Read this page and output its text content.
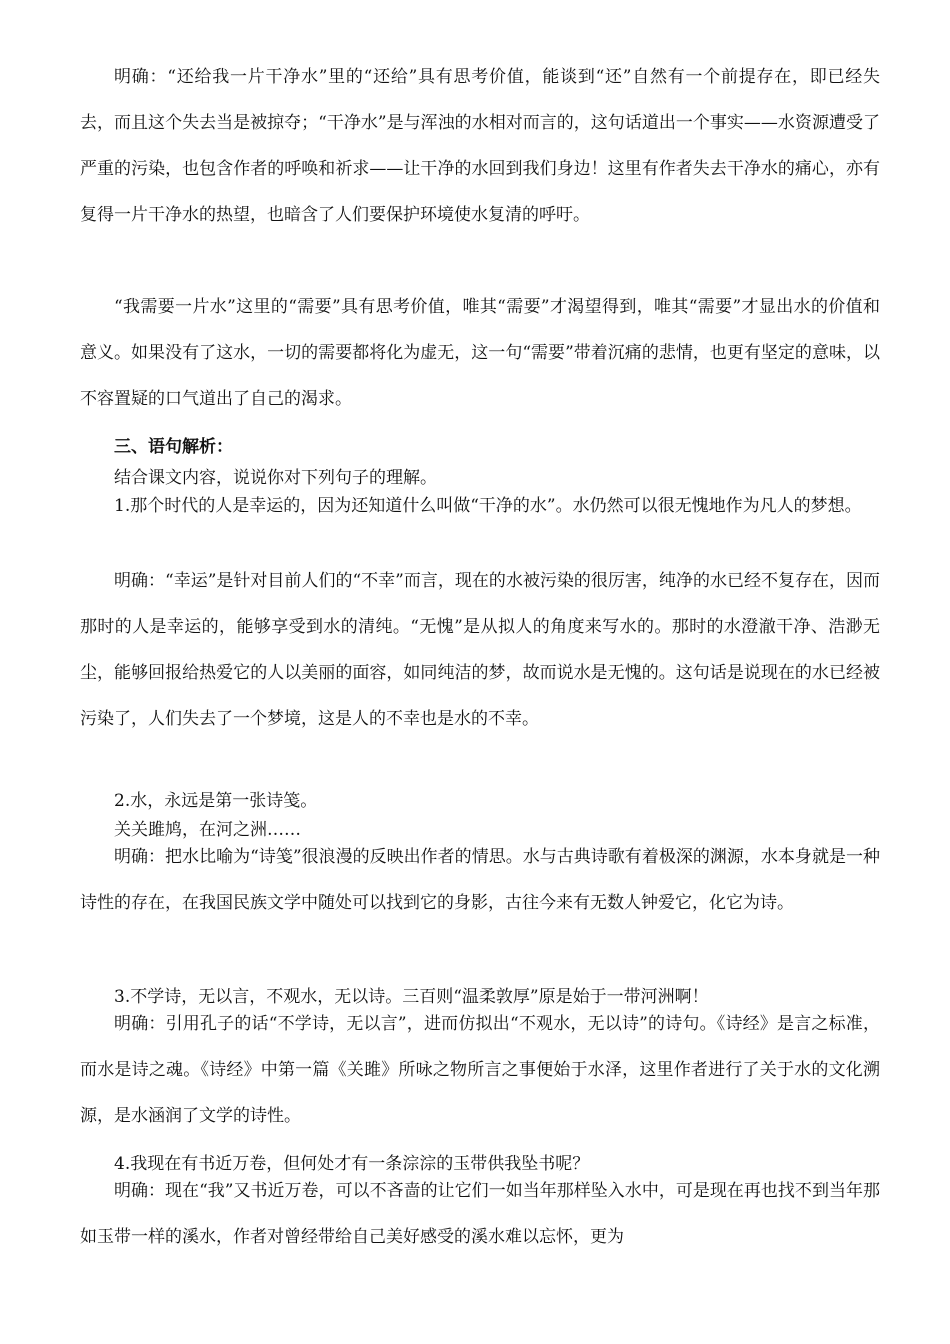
明确：“还给我一片干净水”里的“还给”具有思考价值，能谈到“还”自然有一个前提存在，即已经失去，而且这个失去当是被掠夺；“干净水”是与浑浊的水相对而言的，这句话道出一个事实——水资源遭受了严重的污染，也包含作者的呼唤和祈求——让干净的水回到我们身边！这里有作者失去干净水的痛心，亦有复得一片干净水的热望，也暗含了人们要保护环境使水复清的呼吁。

“我需要一片水”这里的“需要”具有思考价值，唯其“需要”才渴望得到，唯其“需要”才显出水的价值和意义。如果没有了这水，一切的需要都将化为虚无，这一句“需要”带着沉痛的悲情，也更有坚定的意味，以不容置疑的口气道出了自己的渴求。

三、语句解析：

结合课文内容，说说你对下列句子的理解。

1.那个时代的人是幸运的，因为还知道什么叫做“干净的水”。水仍然可以很无愧地作为凡人的梦想。

明确：“幸运”是针对目前人们的“不幸”而言，现在的水被污染的很厉害，纯净的水已经不复存在，因而那时的人是幸运的，能够享受到水的清纯。“无愧”是从拟人的角度来写水的。那时的水澄澈干净、浩渺无尘，能够回报给热爱它的人以美丽的面容，如同纯洁的梦，故而说水是无愧的。这句话是说现在的水已经被污染了，人们失去了一个梦境，这是人的不幸也是水的不幸。

2.水，永远是第一张诗笺。

关关雎鸠，在河之洲……

明确：把水比喻为“诗笺”很浪漫的反映出作者的情思。水与古典诗歌有着极深的渊源，水本身就是一种诗性的存在，在我国民族文学中随处可以找到它的身影，古往今来有无数人钟爱它，化它为诗。

3.不学诗，无以言，不观水，无以诗。三百则“温柔敦厚”原是始于一带河洲啊！

明确：引用孔子的话“不学诗，无以言”，进而仿拟出“不观水，无以诗”的诗句。《诗经》是言之标准，而水是诗之魂。《诗经》中第一篇《关雎》所咏之物所言之事便始于水泽，这里作者进行了关于水的文化溯源，是水涵润了文学的诗性。

4.我现在有书近万卷，但何处才有一条淙淙的玉带供我坠书呢？

明确：现在“我”又书近万卷，可以不吝啬的让它们一如当年那样坠入水中，可是现在再也找不到当年那如玉带一样的溪水，作者对曾经带给自己美好感受的溪水难以忘怀，更为
